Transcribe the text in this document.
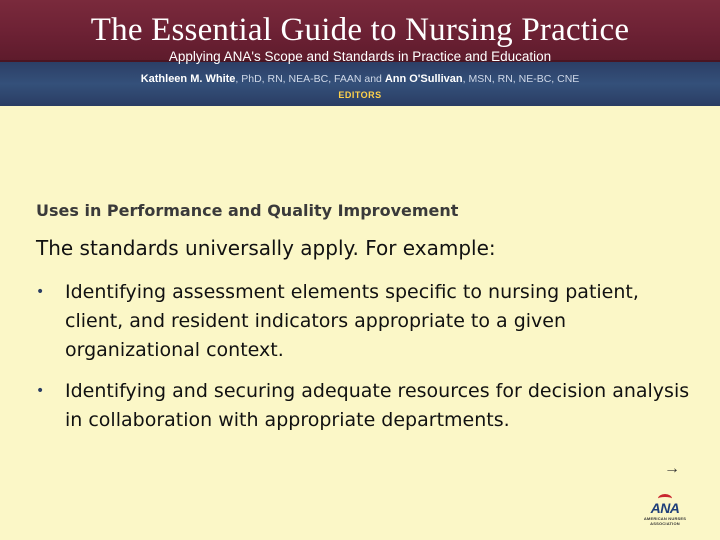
The Essential Guide to Nursing Practice
Applying ANA's Scope and Standards in Practice and Education
Kathleen M. White, PhD, RN, NEA-BC, FAAN and Ann O'Sullivan, MSN, RN, NE-BC, CNE
EDITORS
Uses in Performance and Quality Improvement
The standards universally apply. For example:
• Identifying assessment elements specific to nursing patient, client, and resident indicators appropriate to a given organizational context.
• Identifying and securing adequate resources for decision analysis in collaboration with appropriate departments.
→
ANA
AMERICAN NURSES
ASSOCIATION
